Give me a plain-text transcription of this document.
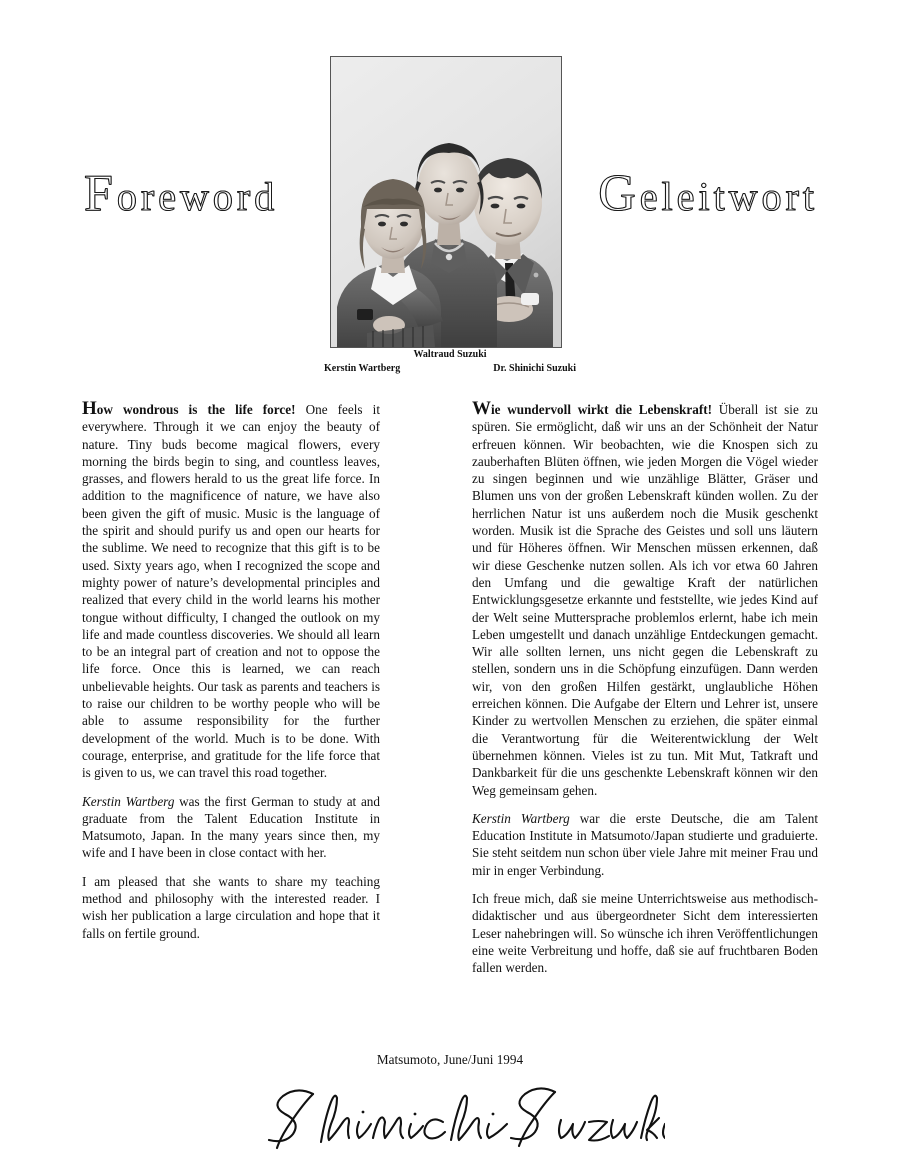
Foreword	Geleitwort
Waltraud Suzuki
Kerstin Wartberg	Dr. Shinichi Suzuki

How wondrous is the life force! One feels it everywhere. Through it we can enjoy the beauty of nature. Tiny buds become magical flowers, every morning the birds begin to sing, and countless leaves, grasses, and flowers herald to us the great life force. In addition to the magnificence of nature, we have also been given the gift of music. Music is the language of the spirit and should purify us and open our hearts for the sublime. We need to recognize that this gift is to be used. Sixty years ago, when I recognized the scope and mighty power of nature’s developmental principles and realized that every child in the world learns his mother tongue without difficulty, I changed the outlook on my life and made countless discoveries. We should all learn to be an integral part of creation and not to oppose the life force. Once this is learned, we can reach unbelievable heights. Our task as parents and teachers is to raise our children to be worthy people who will be able to assume responsibility for the further development of the world. Much is to be done. With courage, enterprise, and gratitude for the life force that is given to us, we can travel this road together.

Kerstin Wartberg was the first German to study at and graduate from the Talent Education Institute in Matsumoto, Japan. In the many years since then, my wife and I have been in close contact with her.

I am pleased that she wants to share my teaching method and philosophy with the interested reader. I wish her publication a large circulation and hope that it falls on fertile ground.

Wie wundervoll wirkt die Lebenskraft! Überall ist sie zu spüren. Sie ermöglicht, daß wir uns an der Schönheit der Natur erfreuen können. Wir beobachten, wie die Knospen sich zu zauberhaften Blüten öffnen, wie jeden Morgen die Vögel wieder zu singen beginnen und wie unzählige Blätter, Gräser und Blumen uns von der großen Lebenskraft künden wollen. Zu der herrlichen Natur ist uns außerdem noch die Musik geschenkt worden. Musik ist die Sprache des Geistes und soll uns läutern und für Höheres öffnen. Wir Menschen müssen erkennen, daß wir diese Geschenke nutzen sollen. Als ich vor etwa 60 Jahren den Umfang und die gewaltige Kraft der natürlichen Entwicklungsgesetze erkannte und feststellte, wie jedes Kind auf der Welt seine Muttersprache problemlos erlernt, habe ich mein Leben umgestellt und danach unzählige Entdeckungen gemacht. Wir alle sollten lernen, uns nicht gegen die Lebenskraft zu stellen, sondern uns in die Schöpfung einzufügen. Dann werden wir, von den großen Hilfen gestärkt, unglaubliche Höhen erreichen können. Die Aufgabe der Eltern und Lehrer ist, unsere Kinder zu wertvollen Menschen zu erziehen, die später einmal die Verantwortung für die Weiterentwicklung der Welt übernehmen können. Vieles ist zu tun. Mit Mut, Tatkraft und Dankbarkeit für die uns geschenkte Lebenskraft können wir den Weg gemeinsam gehen.

Kerstin Wartberg war die erste Deutsche, die am Talent Education Institute in Matsumoto/Japan studierte und graduierte. Sie steht seitdem nun schon über viele Jahre mit meiner Frau und mir in enger Verbindung.

Ich freue mich, daß sie meine Unterrichtsweise aus methodisch-didaktischer und aus übergeordneter Sicht dem interessierten Leser nahebringen will. So wünsche ich ihren Veröffentlichungen eine weite Verbreitung und hoffe, daß sie auf fruchtbaren Boden fallen werden.

Matsumoto, June/Juni 1994
